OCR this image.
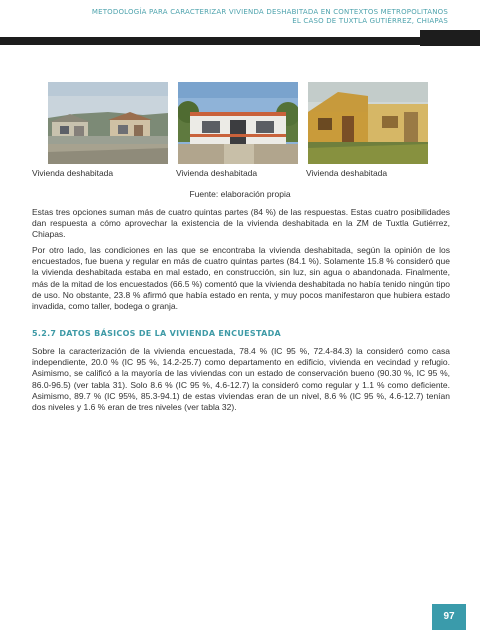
METODOLOGÍA PARA CARACTERIZAR VIVIENDA DESHABITADA EN CONTEXTOS METROPOLITANOS
EL CASO DE TUXTLA GUTIÉRREZ, CHIAPAS
Vivienda deshabitada	Vivienda deshabitada	Vivienda deshabitada
Fuente: elaboración propia

Estas tres opciones suman más de cuatro quintas partes (84 %) de las respuestas. Estas cuatro posibilidades dan respuesta a cómo aprovechar la existencia de la vivienda deshabitada en la ZM de Tuxtla Gutiérrez, Chiapas.

Por otro lado, las condiciones en las que se encontraba la vivienda deshabitada, según la opinión de los encuestados, fue buena y regular en más de cuatro quintas partes (84.1 %). Solamente 15.8 % consideró que la vivienda deshabitada estaba en mal estado, en construcción, sin luz, sin agua o abandonada. Finalmente, más de la mitad de los encuestados (66.5 %) comentó que la vivienda deshabitada no había tenido ningún tipo de uso. No obstante, 23.8 % afirmó que había estado en renta, y muy pocos manifestaron que hubiera estado invadida, como taller, bodega o granja.

5.2.7 DATOS BÁSICOS DE LA VIVIENDA ENCUESTADA

Sobre la caracterización de la vivienda encuestada, 78.4 % (IC 95 %, 72.4-84.3) la consideró como casa independiente, 20.0 % (IC 95 %, 14.2-25.7) como departamento en edificio, vivienda en vecindad y refugio. Asimismo, se calificó a la mayoría de las viviendas con un estado de conservación bueno (90.30 %, IC 95 %, 86.0-96.5) (ver tabla 31). Solo 8.6 % (IC 95 %, 4.6-12.7) la consideró como regular y 1.1 % como deficiente. Asimismo, 89.7 % (IC 95%, 85.3-94.1) de estas viviendas eran de un nivel, 8.6 % (IC 95 %, 4.6-12.7) tenían dos niveles y 1.6 % eran de tres niveles (ver tabla 32).

97
